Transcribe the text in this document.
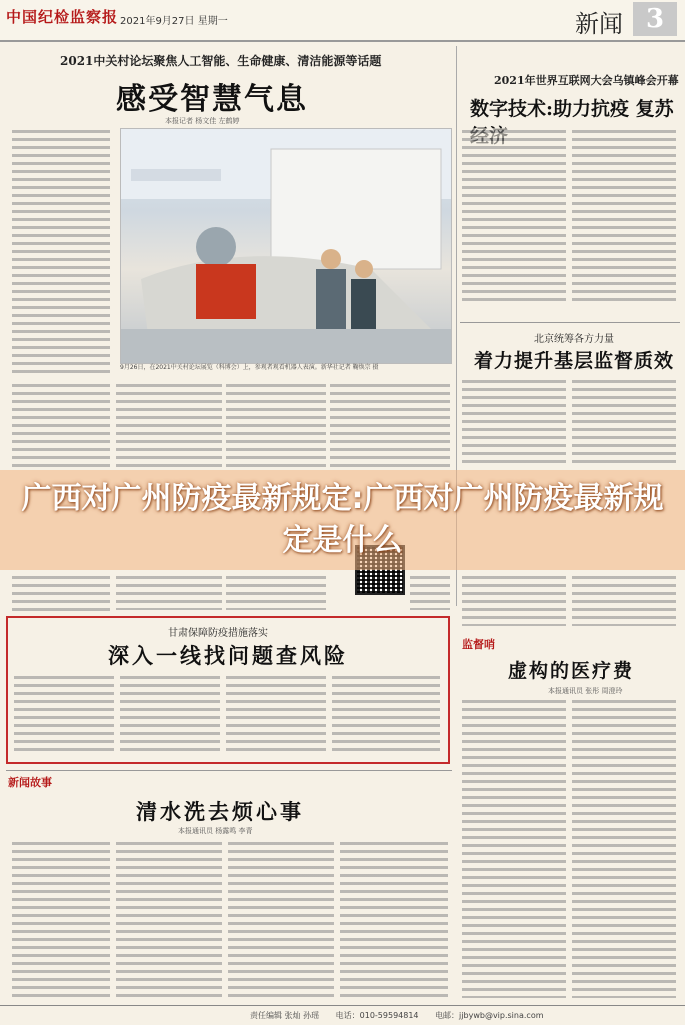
中国纪检监察报 2021年9月27日 星期一	新闻 3
2021中关村论坛聚焦人工智能、生命健康、清洁能源等话题
感受智慧气息
本报记者 杨文佳 左鹤婷
9月26日，在2021中关村论坛展览（科博会）上，参观者观看机器人表演。新华社记者 鞠焕宗 摄
2021年世界互联网大会乌镇峰会开幕
数字技术:助力抗疫 复苏
北京统筹各方力量
着力提升基层监督质效
甘肃保障防疫措施落实
深入一线找问题查风险	监督哨
虚构的医疗费
本报通讯员 张彤 周澄玲
新闻故事
清水洗去烦心事
本报通讯员 杨露鸣 李青
广西对广州防疫最新规定:广西对广州防疫最新规定是什么
责任编辑 张灿 孙瑶 电话：010-59594814 电邮：jjbywb@vip.sina.com
